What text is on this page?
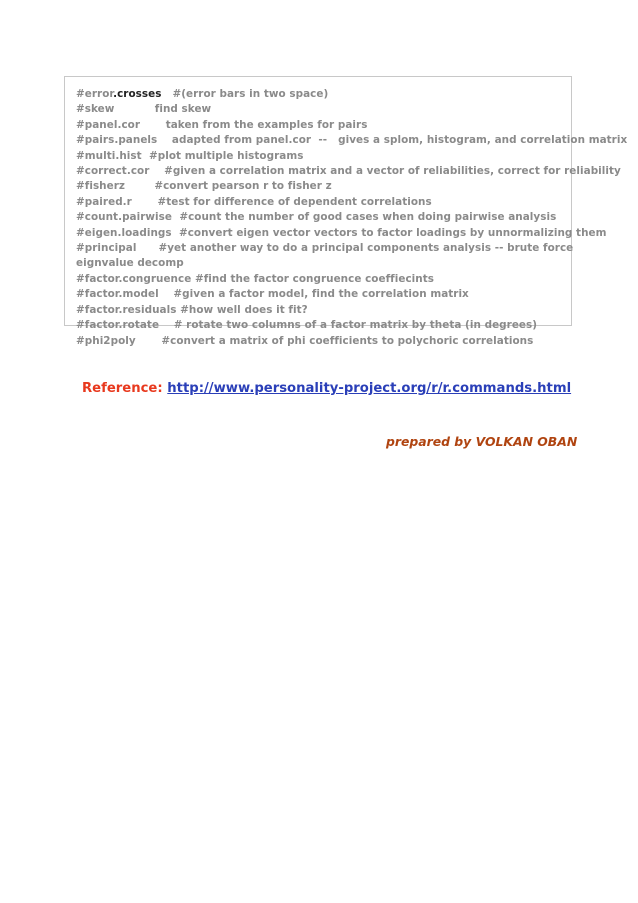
#error.crosses   #(error bars in two space)
#skew           find skew
#panel.cor       taken from the examples for pairs
#pairs.panels    adapted from panel.cor  --   gives a splom, histogram, and correlation matrix
#multi.hist  #plot multiple histograms
#correct.cor    #given a correlation matrix and a vector of reliabilities, correct for reliability
#fisherz        #convert pearson r to fisher z
#paired.r       #test for difference of dependent correlations
#count.pairwise  #count the number of good cases when doing pairwise analysis
#eigen.loadings  #convert eigen vector vectors to factor loadings by unnormalizing them
#principal      #yet another way to do a principal components analysis -- brute force
eignvalue decomp
#factor.congruence #find the factor congruence coeffiecints
#factor.model    #given a factor model, find the correlation matrix
#factor.residuals #how well does it fit?
#factor.rotate    # rotate two columns of a factor matrix by theta (in degrees)
#phi2poly       #convert a matrix of phi coefficients to polychoric correlations
Reference: http://www.personality-project.org/r/r.commands.html
prepared by VOLKAN OBAN
